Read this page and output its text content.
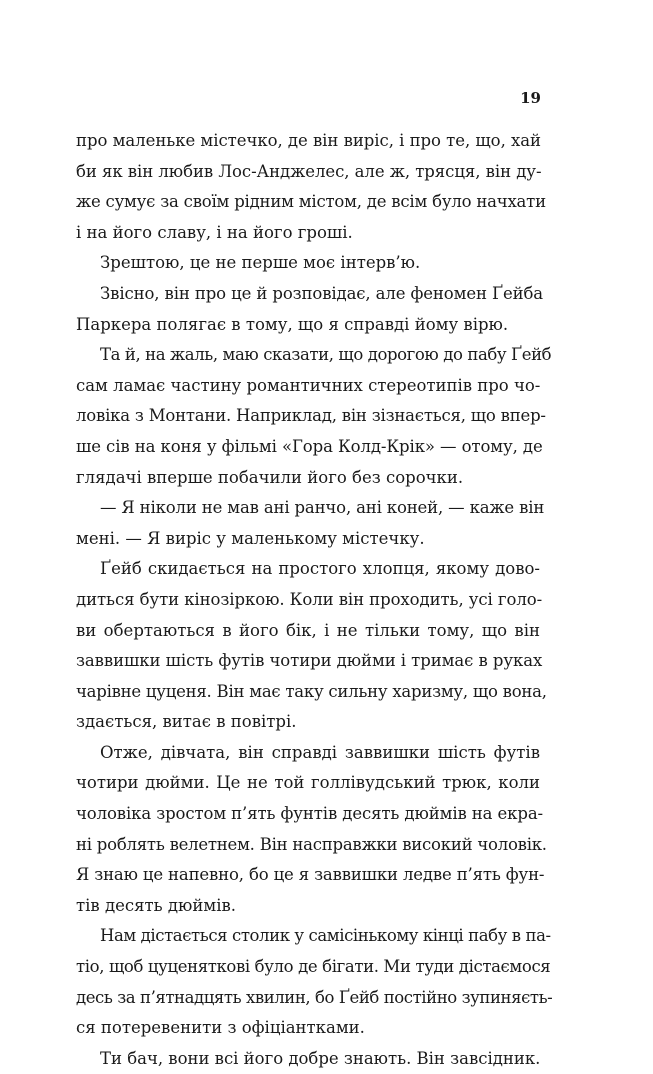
19
про маленьке містечко, де він виріс, і про те, що, хай
би як він любив Лос-Анджелес, але ж, трясця, він ду-
же сумує за своїм рідним містом, де всім було начхати
і на його славу, і на його гроші.
Зрештою, це не перше моє інтерв’ю.
Звісно, він про це й розповідає, але феномен Ґейба
Паркера полягає в тому, що я справді йому вірю.
Та й, на жаль, маю сказати, що дорогою до пабу Ґейб
сам ламає частину романтичних стереотипів про чо-
ловіка з Монтани. Наприклад, він зізнається, що впер-
ше сів на коня у фільмі «Гора Колд-Крік» — отому, де
глядачі вперше побачили його без сорочки.
— Я ніколи не мав ані ранчо, ані коней, — каже він
мені. — Я виріс у маленькому містечку.
Ґейб скидається на простого хлопця, якому дово-
диться бути кінозіркою. Коли він проходить, усі голо-
ви обертаються в його бік, і не тільки тому, що він
заввишки шість футів чотири дюйми і тримає в руках
чарівне цуценя. Він має таку сильну харизму, що вона,
здається, витає в повітрі.
Отже, дівчата, він справді заввишки шість футів
чотири дюйми. Це не той голлівудський трюк, коли
чоловіка зростом п’ять фунтів десять дюймів на екра-
ні роблять велетнем. Він насправжки високий чоловік.
Я знаю це напевно, бо це я заввишки ледве п’ять фун-
тів десять дюймів.
Нам дістається столик у самісінькому кінці пабу в па-
тіо, щоб цуценяткові було де бігати. Ми туди дістаємося
десь за п’ятнадцять хвилин, бо Ґейб постійно зупиняєть-
ся потеревенити з офіціантками.
Ти бач, вони всі його добре знають. Він завсідник.
